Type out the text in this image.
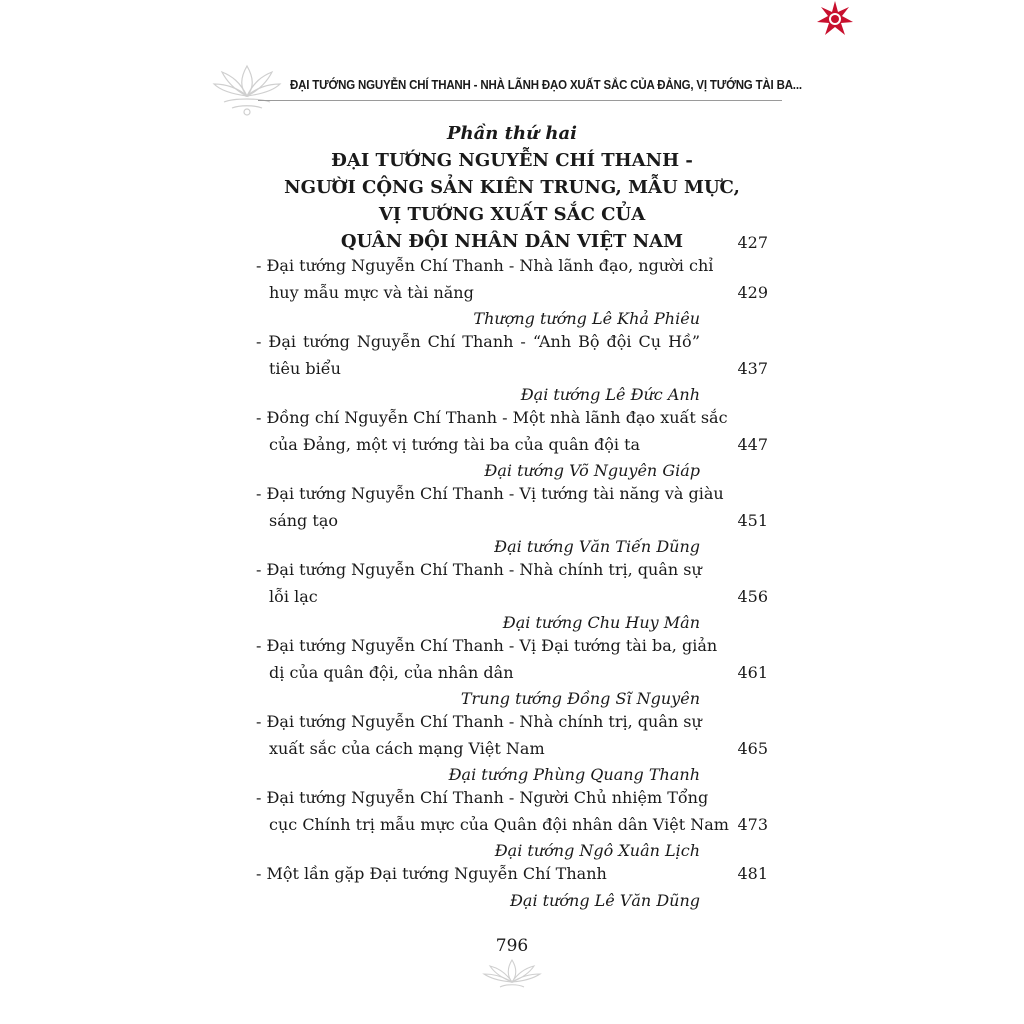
ĐẠI TƯỚNG NGUYỄN CHÍ THANH - NHÀ LÃNH ĐẠO XUẤT SẮC CỦA ĐẢNG, VỊ TƯỚNG TÀI BA...
Phần thứ hai
ĐẠI TƯỚNG NGUYỄN CHÍ THANH -
NGƯỜI CỘNG SẢN KIÊN TRUNG, MẪU MỰC,
VỊ TƯỚNG XUẤT SẮC CỦA
QUÂN ĐỘI NHÂN DÂN VIỆT NAM	427
- Đại tướng Nguyễn Chí Thanh - Nhà lãnh đạo, người chỉ
huy mẫu mực và tài năng	429
Thượng tướng Lê Khả Phiêu
- Đại tướng Nguyễn Chí Thanh - “Anh Bộ đội Cụ Hồ”
tiêu biểu	437
Đại tướng Lê Đức Anh
- Đồng chí Nguyễn Chí Thanh - Một nhà lãnh đạo xuất sắc
của Đảng, một vị tướng tài ba của quân đội ta	447
Đại tướng Võ Nguyên Giáp
- Đại tướng Nguyễn Chí Thanh - Vị tướng tài năng và giàu
sáng tạo	451
Đại tướng Văn Tiến Dũng
- Đại tướng Nguyễn Chí Thanh - Nhà chính trị, quân sự
lỗi lạc	456
Đại tướng Chu Huy Mân
- Đại tướng Nguyễn Chí Thanh - Vị Đại tướng tài ba, giản
dị của quân đội, của nhân dân	461
Trung tướng Đồng Sĩ Nguyên
- Đại tướng Nguyễn Chí Thanh - Nhà chính trị, quân sự
xuất sắc của cách mạng Việt Nam	465
Đại tướng Phùng Quang Thanh
- Đại tướng Nguyễn Chí Thanh - Người Chủ nhiệm Tổng
cục Chính trị mẫu mực của Quân đội nhân dân Việt Nam 473
Đại tướng Ngô Xuân Lịch
- Một lần gặp Đại tướng Nguyễn Chí Thanh	481
Đại tướng Lê Văn Dũng
796
